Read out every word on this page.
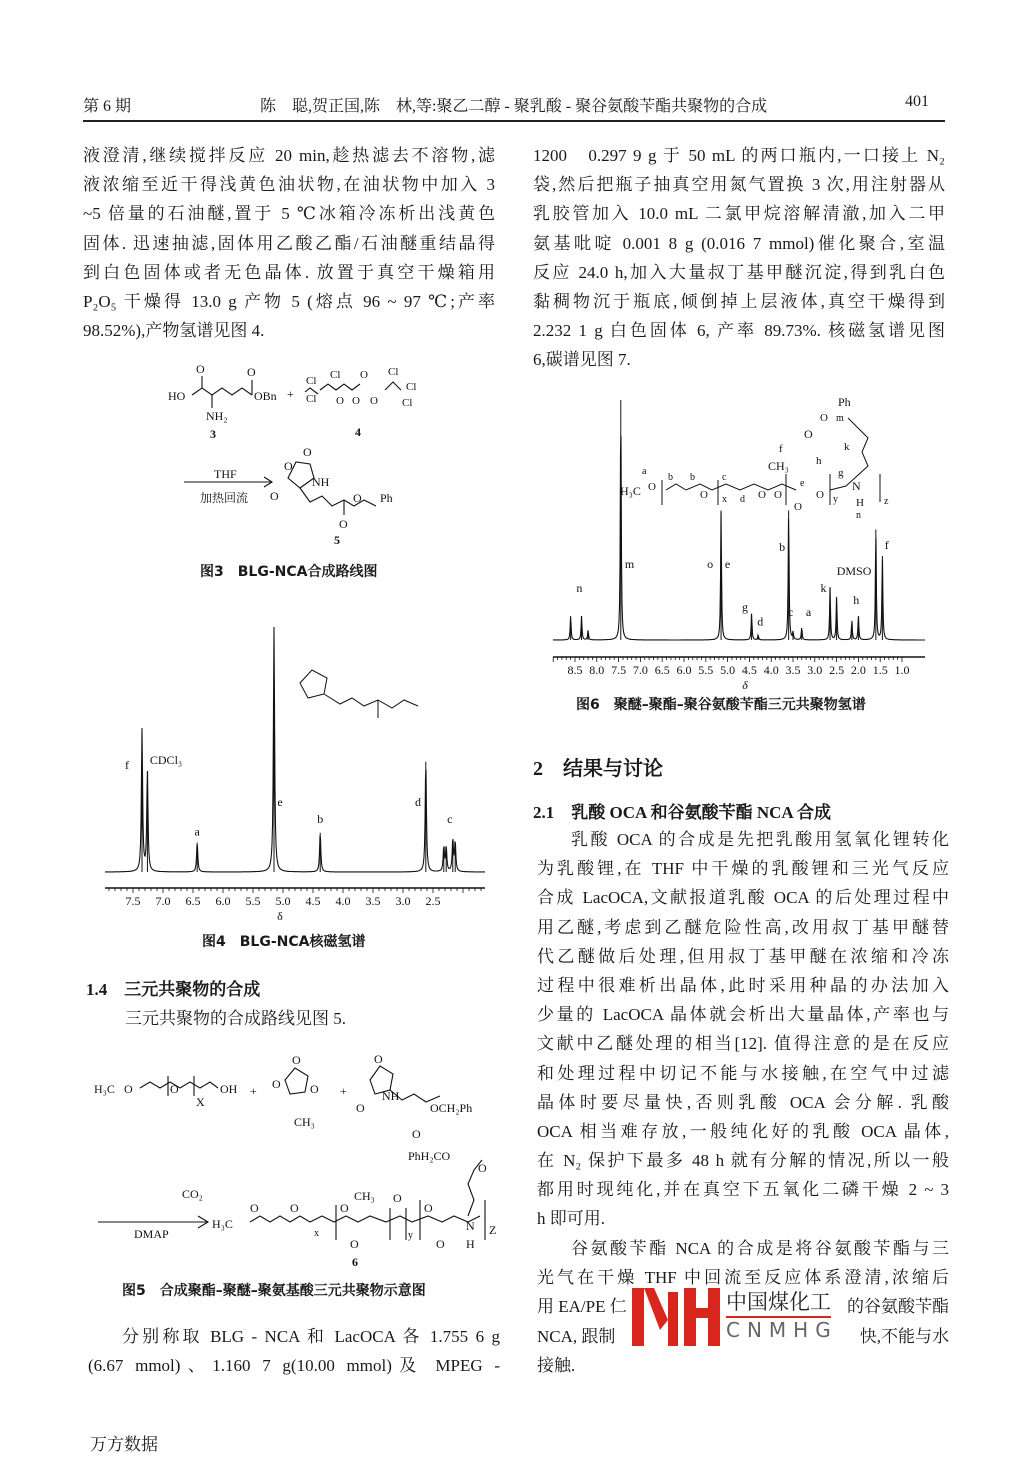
第 6 期	陈　聪,贺正国,陈　林,等:聚乙二醇 - 聚乳酸 - 聚谷氨酸苄酯共聚物的合成	401
液澄清,继续搅拌反应 20 min,趁热滤去不溶物,滤
液浓缩至近干得浅黄色油状物,在油状物中加入 3
~5 倍量的石油醚,置于 5 ℃冰箱冷冻析出浅黄色
固体. 迅速抽滤,固体用乙酸乙酯/石油醚重结晶得
到白色固体或者无色晶体. 放置于真空干燥箱用
P₂O₅ 干燥得 13.0 g 产物 5 (熔点 96 ~ 97 ℃;产率
98.52%),产物氢谱见图 4.
O	O
HO	OBn +
NH₂
3
Cl
Cl
Cl O Cl
Cl
Cl
O O O
4
THF
加热回流
O
O
NH
O
O
O Ph
5
图3　BLG-NCA合成路线图
7.5 7.0 6.5 6.0 5.5 5.0 4.5 4.0 3.5 3.0 2.5
δ
f CDCl₃
a
e
b
d
c
图4　BLG-NCA核磁氢谱
1.4　三元共聚物的合成
三元共聚物的合成路线见图 5.
H₃C O	O
X
OH +	+
O
O
O
CH₃
O
NH
O	OCH₂Ph
O
PhH₂CO
O
CO₂
DMAP
H₃C
O	O
x
O
CH₃ O
O
y
O
O
N
H
Z
6
图5　合成聚酯–聚醚–聚氨基酸三元共聚物示意图
分别称取 BLG - NCA 和 LacOCA 各 1.755 6 g
(6.67 mmol)、1.160 7 g(10.00 mmol)及 MPEG -
万方数据
1200　0.297 9 g 于 50 mL 的两口瓶内,一口接上 N₂
袋,然后把瓶子抽真空用氮气置换 3 次,用注射器从
乳胶管加入 10.0 mL 二氯甲烷溶解清澈,加入二甲
氨基吡啶 0.001 8 g (0.016 7 mmol)催化聚合,室温
反应 24.0 h,加入大量叔丁基甲醚沉淀,得到乳白色
黏稠物沉于瓶底,倾倒掉上层液体,真空干燥得到
2.232 1 g 白色固体 6, 产率 89.73%. 核磁氢谱见图
6,碳谱见图 7.
Ph
m
O
O
k
f
CH₃ h
g
N
a
b b	c
H₃C O
O x d O O	y
O
e
O
H
n
z
8.5 8.0 7.5 7.0 6.5 6.0 5.5 5.0 4.5 4.0 3.5 3.0 2.5 2.0 1.5 1.0
δ
n
m	o e
g
d
b
c a
k
DMSO
h
f
图6　聚醚–聚酯–聚谷氨酸苄酯三元共聚物氢谱
2　结果与讨论
2.1　乳酸 OCA 和谷氨酸苄酯 NCA 合成
乳酸 OCA 的合成是先把乳酸用氢氧化锂转化
为乳酸锂,在 THF 中干燥的乳酸锂和三光气反应
合成 LacOCA,文献报道乳酸 OCA 的后处理过程中
用乙醚,考虑到乙醚危险性高,改用叔丁基甲醚替
代乙醚做后处理,但用叔丁基甲醚在浓缩和冷冻
过程中很难析出晶体,此时采用种晶的办法加入
少量的 LacOCA 晶体就会析出大量晶体,产率也与
文献中乙醚处理的相当[12]. 值得注意的是在反应
和处理过程中切记不能与水接触,在空气中过滤
晶体时要尽量快,否则乳酸 OCA 会分解. 乳酸
OCA 相当难存放,一般纯化好的乳酸 OCA 晶体,
在 N₂ 保护下最多 48 h 就有分解的情况,所以一般
都用时现纯化,并在真空下五氧化二磷干燥 2 ~ 3
h 即可用.
谷氨酸苄酯 NCA 的合成是将谷氨酸苄酯与三
光气在干燥 THF 中回流至反应体系澄清,浓缩后
用 EA/PE 仁	的谷氨酸苄酯
NCA, 跟制	快,不能与水
接触.
中国煤化工
CNMHG
